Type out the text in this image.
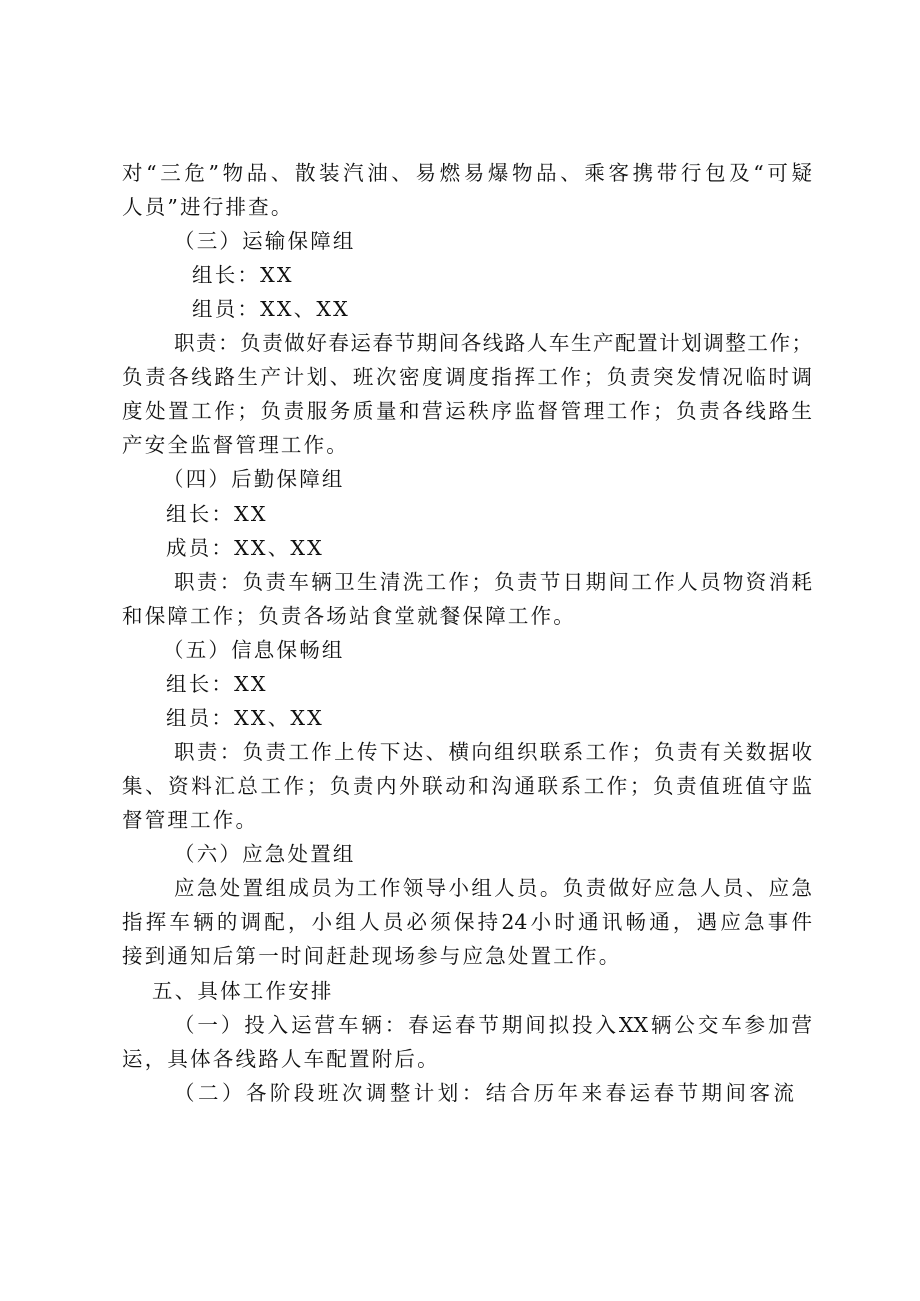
对“三危”物品、散装汽油、易燃易爆物品、乘客携带行包及“可疑
人员”进行排查。
（三）运输保障组
组长：XX
组员：XX、XX
职责：负责做好春运春节期间各线路人车生产配置计划调整工作；
负责各线路生产计划、班次密度调度指挥工作；负责突发情况临时调
度处置工作；负责服务质量和营运秩序监督管理工作；负责各线路生
产安全监督管理工作。
（四）后勤保障组
组长：XX
成员：XX、XX
职责：负责车辆卫生清洗工作；负责节日期间工作人员物资消耗
和保障工作；负责各场站食堂就餐保障工作。
（五）信息保畅组
组长：XX
组员：XX、XX
职责：负责工作上传下达、横向组织联系工作；负责有关数据收
集、资料汇总工作；负责内外联动和沟通联系工作；负责值班值守监
督管理工作。
（六）应急处置组
应急处置组成员为工作领导小组人员。负责做好应急人员、应急
指挥车辆的调配，小组人员必须保持24小时通讯畅通，遇应急事件
接到通知后第一时间赶赴现场参与应急处置工作。
五、具体工作安排
（一）投入运营车辆：春运春节期间拟投入XX辆公交车参加营
运，具体各线路人车配置附后。
（二）各阶段班次调整计划：结合历年来春运春节期间客流
